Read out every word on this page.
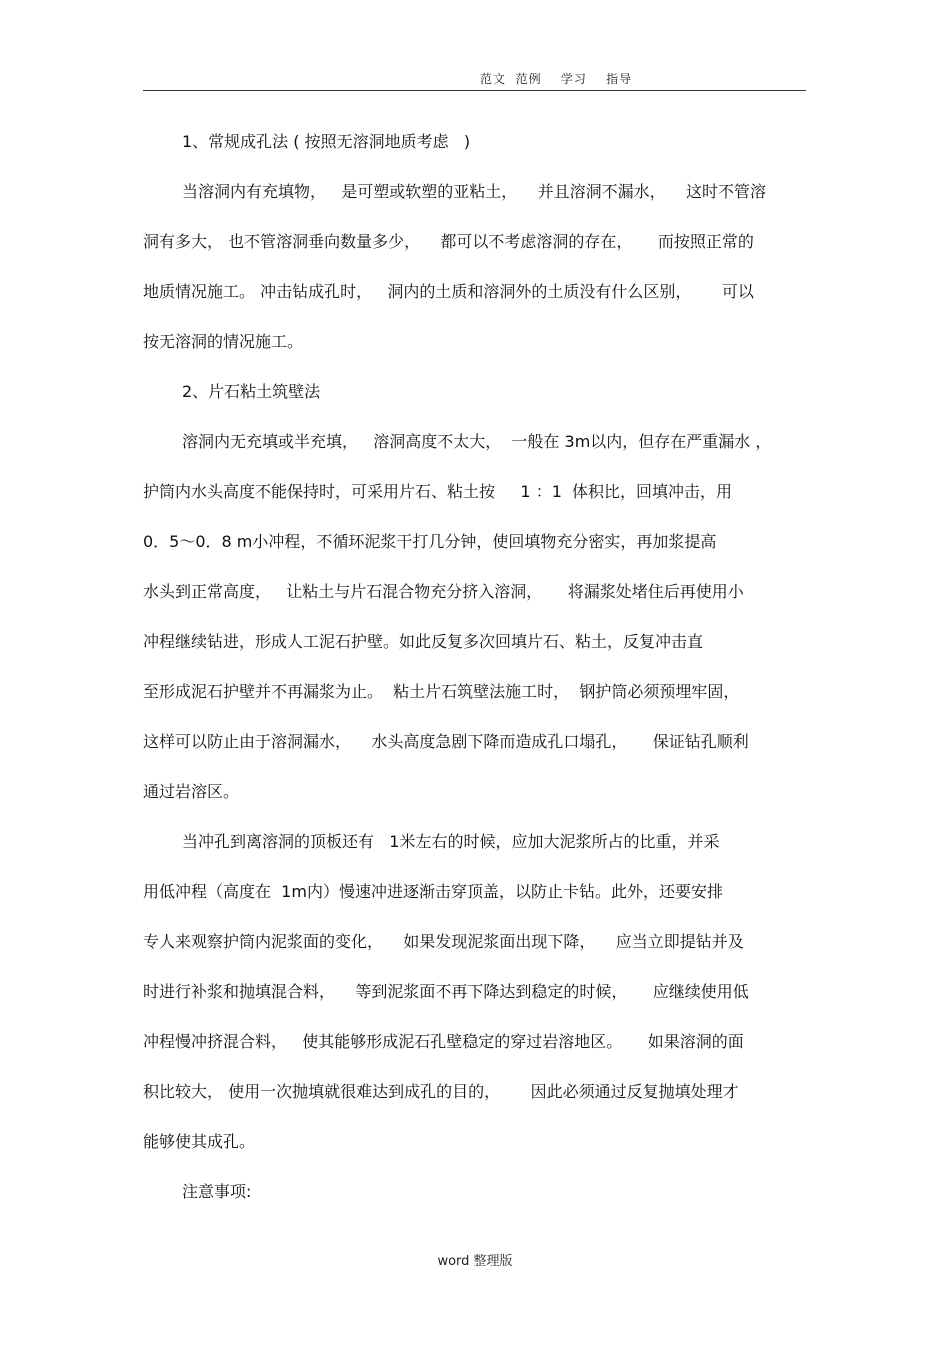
范文  范例    学习    指导
1、常规成孔法 ( 按照无溶洞地质考虑   )
当溶洞内有充填物，   是可塑或软塑的亚粘土，    并且溶洞不漏水，    这时不管溶
洞有多大， 也不管溶洞垂向数量多少，    都可以不考虑溶洞的存在，     而按照正常的
地质情况施工。 冲击钻成孔时，   洞内的土质和溶洞外的土质没有什么区别，      可以
按无溶洞的情况施工。
2、片石粘土筑壁法
溶洞内无充填或半充填，   溶洞高度不太大，  一般在 3m以内，但存在严重漏水 ，
护筒内水头高度不能保持时，可采用片石、粘土按     1 ：1  体积比，回填冲击，用
0．5～0．8 m小冲程，不循环泥浆干打几分钟，使回填物充分密实，再加浆提高
水头到正常高度，   让粘土与片石混合物充分挤入溶洞，     将漏浆处堵住后再使用小
冲程继续钻进，形成人工泥石护壁。如此反复多次回填片石、粘土，反复冲击直
至形成泥石护壁并不再漏浆为止。  粘土片石筑壁法施工时，  钢护筒必须预埋牢固，
这样可以防止由于溶洞漏水，    水头高度急剧下降而造成孔口塌孔，     保证钻孔顺利
通过岩溶区。
当冲孔到离溶洞的顶板还有   1米左右的时候，应加大泥浆所占的比重，并采
用低冲程（高度在  1m内）慢速冲进逐渐击穿顶盖，以防止卡钻。此外，还要安排
专人来观察护筒内泥浆面的变化，    如果发现泥浆面出现下降，    应当立即提钻并及
时进行补浆和抛填混合料，    等到泥浆面不再下降达到稳定的时候，     应继续使用低
冲程慢冲挤混合料，   使其能够形成泥石孔壁稳定的穿过岩溶地区。     如果溶洞的面
积比较大， 使用一次抛填就很难达到成孔的目的，      因此必须通过反复抛填处理才
能够使其成孔。
注意事项:
word 整理版
